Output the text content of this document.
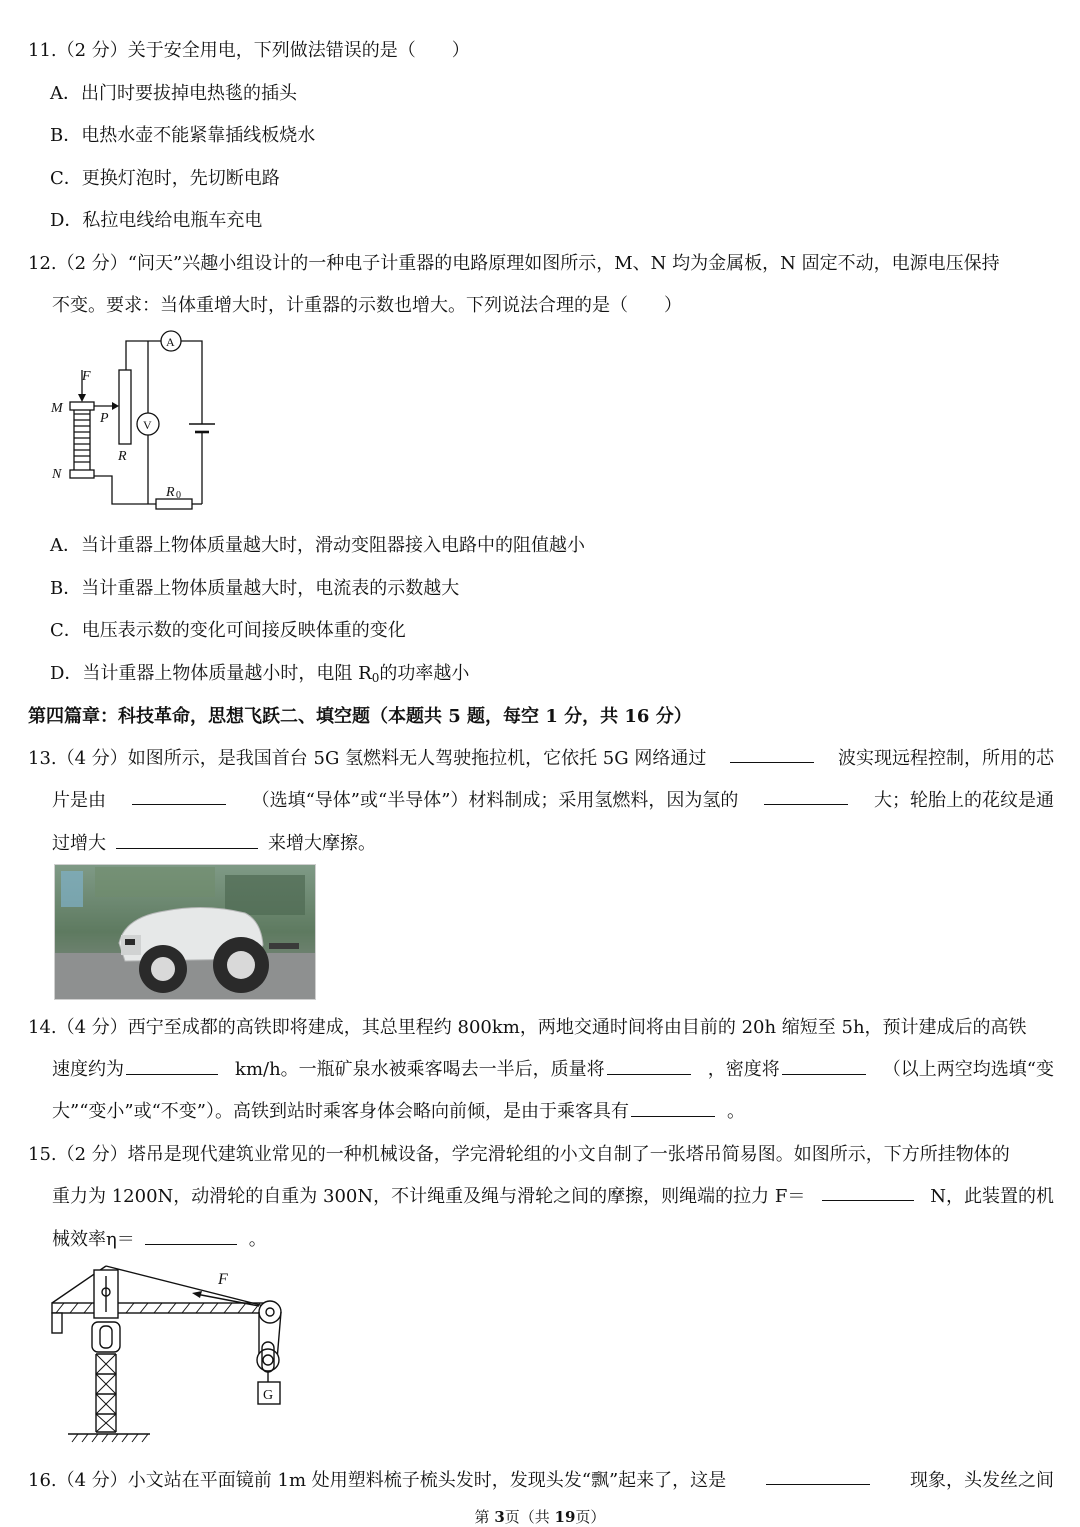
11.（2 分）关于安全用电，下列做法错误的是（　　）
A．出门时要拔掉电热毯的插头
B．电热水壶不能紧靠插线板烧水
C．更换灯泡时，先切断电路
D．私拉电线给电瓶车充电
12.（2 分）“问天”兴趣小组设计的一种电子计重器的电路原理如图所示，M、N 均为金属板，N 固定不动，电源电压保持
不变。要求：当体重增大时，计重器的示数也增大。下列说法合理的是（　　）
F
M
P
N
R
R 0
A
V
A．当计重器上物体质量越大时，滑动变阻器接入电路中的阻值越小
B．当计重器上物体质量越大时，电流表的示数越大
C．电压表示数的变化可间接反映体重的变化
D．当计重器上物体质量越小时，电阻 $R_0$的功率越小
第四篇章：科技革命，思想飞跃二、填空题（本题共 5 题，每空 1 分，共 16 分）
13.（4 分）如图所示，是我国首台 5G 氢燃料无人驾驶拖拉机，它依托 5G 网络通过	波实现远程控制，所用的芯
片是由	（选填“导体”或“半导体”）材料制成；采用氢燃料，因为氢的	大；轮胎上的花纹是通
过增大	来增大摩擦。
14.（4 分）西宁至成都的高铁即将建成，其总里程约 800km，两地交通时间将由目前的 20h 缩短至 5h，预计建成后的高铁
速度约为	km/h。一瓶矿泉水被乘客喝去一半后，质量将	，密度将	（以上两空均选填“变
大”“变小”或“不变”）。高铁到站时乘客身体会略向前倾，是由于乘客具有	。
15.（2 分）塔吊是现代建筑业常见的一种机械设备，学完滑轮组的小文自制了一张塔吊简易图。如图所示，下方所挂物体的
重力为 1200N，动滑轮的自重为 300N，不计绳重及绳与滑轮之间的摩擦，则绳端的拉力 F＝	N，此装置的机
械效率η＝	。
F
G
16.（4 分）小文站在平面镜前 1m 处用塑料梳子梳头发时，发现头发“飘”起来了，这是	现象，头发丝之间
第 3页（共 19页）
